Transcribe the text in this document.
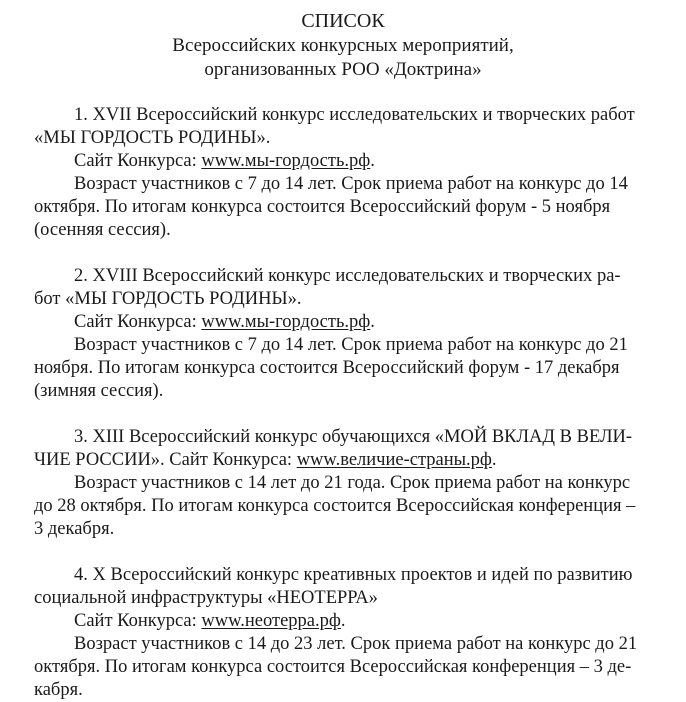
СПИСОК
Всероссийских конкурсных мероприятий,
организованных РОО «Доктрина»
1. XVII Всероссийский конкурс исследовательских и творческих работ
«МЫ ГОРДОСТЬ РОДИНЫ».
Сайт Конкурса: www.мы-гордость.рф.
Возраст участников с 7 до 14 лет. Срок приема работ на конкурс до 14
октября. По итогам конкурса состоится Всероссийский форум - 5 ноября
(осенняя сессия).
2. XVIII Всероссийский конкурс исследовательских и творческих ра-
бот «МЫ ГОРДОСТЬ РОДИНЫ».
Сайт Конкурса: www.мы-гордость.рф.
Возраст участников с 7 до 14 лет. Срок приема работ на конкурс до 21
ноября. По итогам конкурса состоится Всероссийский форум - 17 декабря
(зимняя сессия).
3. XIII Всероссийский конкурс обучающихся «МОЙ ВКЛАД В ВЕЛИ-
ЧИЕ РОССИИ». Сайт Конкурса: www.величие-страны.рф.
Возраст участников с 14 лет до 21 года. Срок приема работ на конкурс
до 28 октября. По итогам конкурса состоится Всероссийская конференция –
3 декабря.
4. X Всероссийский конкурс креативных проектов и идей по развитию
социальной инфраструктуры «НЕОТЕРРА»
Сайт Конкурса: www.неотерра.рф.
Возраст участников с 14 до 23 лет. Срок приема работ на конкурс до 21
октября. По итогам конкурса состоится Всероссийская конференция – 3 де-
кабря.
